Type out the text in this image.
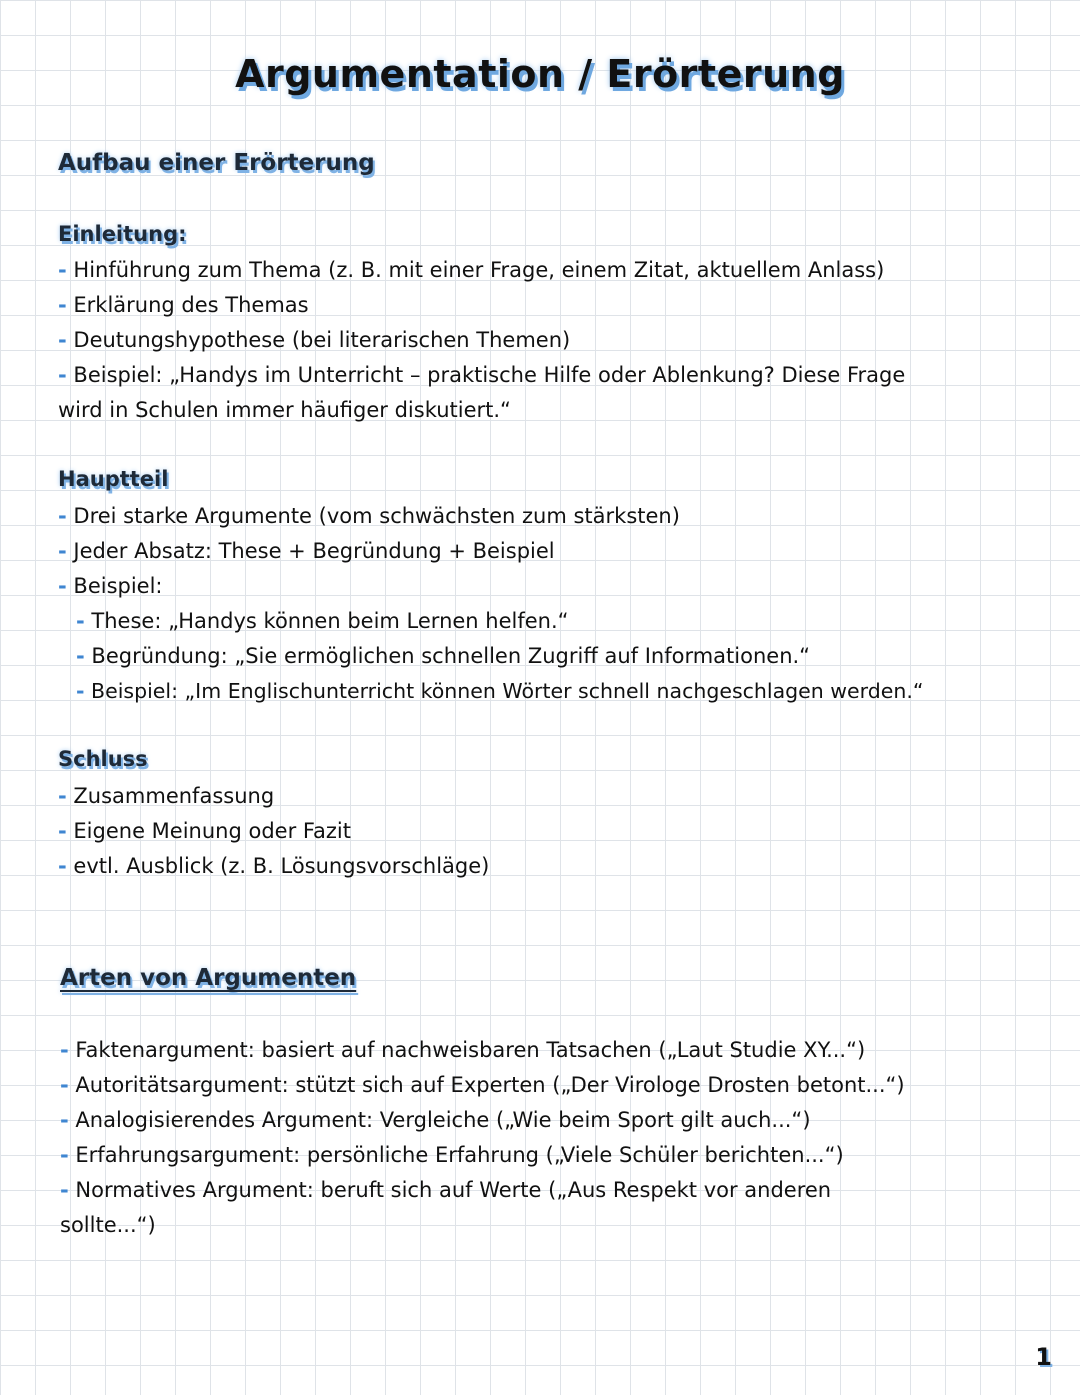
Argumentation / Erörterung
Aufbau einer Erörterung
Einleitung:

- Hinführung zum Thema (z. B. mit einer Frage, einem Zitat, aktuellem Anlass)

- Erklärung des Themas

- Deutungshypothese (bei literarischen Themen)

- Beispiel: „Handys im Unterricht – praktische Hilfe oder Ablenkung? Diese Frage

wird in Schulen immer häufiger diskutiert.“

Hauptteil

- Drei starke Argumente (vom schwächsten zum stärksten)

- Jeder Absatz: These + Begründung + Beispiel

- Beispiel:

- These: „Handys können beim Lernen helfen.“

- Begründung: „Sie ermöglichen schnellen Zugriff auf Informationen.“

- Beispiel: „Im Englischunterricht können Wörter schnell nachgeschlagen werden.“

Schluss

- Zusammenfassung

- Eigene Meinung oder Fazit

- evtl. Ausblick (z. B. Lösungsvorschläge)

Arten von Argumenten

- Faktenargument: basiert auf nachweisbaren Tatsachen („Laut Studie XY...“)

- Autoritätsargument: stützt sich auf Experten („Der Virologe Drosten betont...“)

- Analogisierendes Argument: Vergleiche („Wie beim Sport gilt auch...“)

- Erfahrungsargument: persönliche Erfahrung („Viele Schüler berichten...“)

- Normatives Argument: beruft sich auf Werte („Aus Respekt vor anderen

sollte...“)

1
